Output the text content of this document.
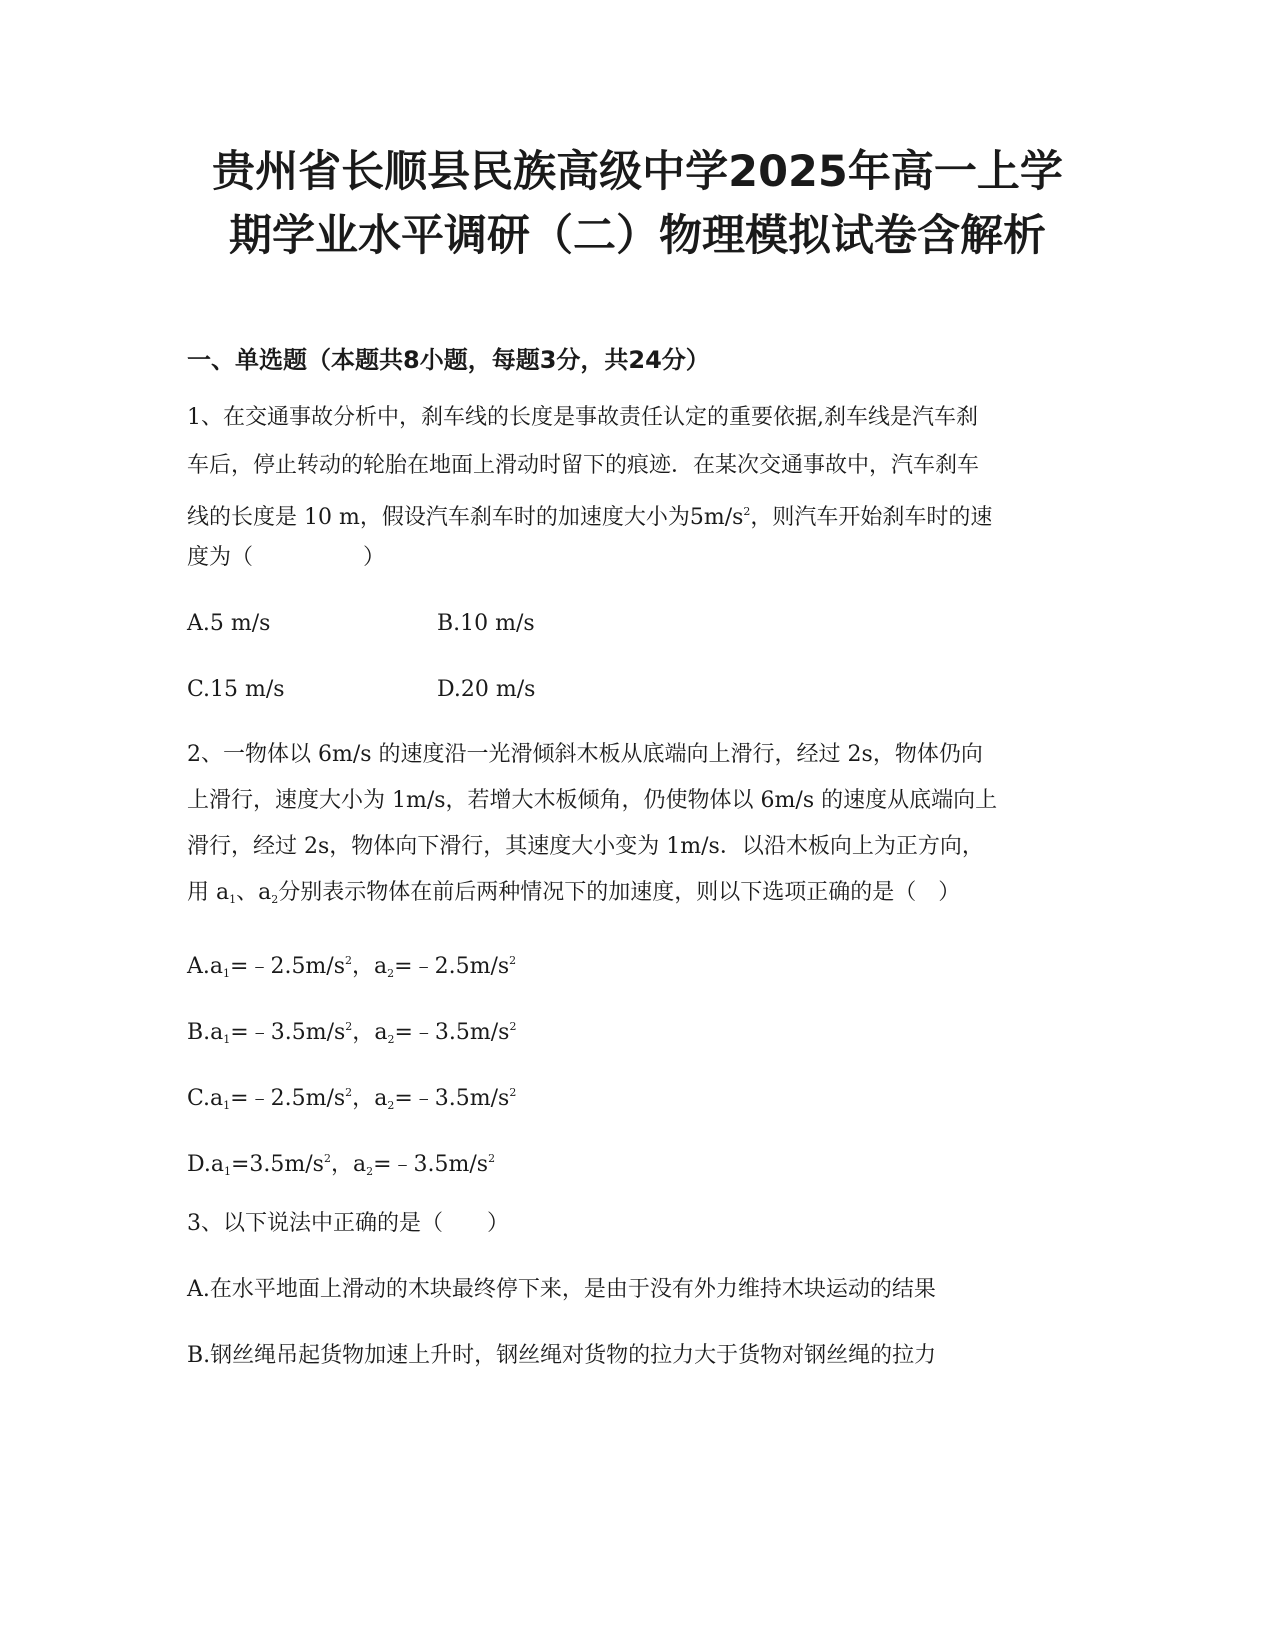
贵州省长顺县民族高级中学2025年高一上学
期学业水平调研（二）物理模拟试卷含解析
一、单选题（本题共8小题，每题3分，共24分）
1、在交通事故分析中，刹车线的长度是事故责任认定的重要依据,刹车线是汽车刹
车后，停止转动的轮胎在地面上滑动时留下的痕迹．在某次交通事故中，汽车刹车
线的长度是 10 m，假设汽车刹车时的加速度大小为$5m/s^2$，则汽车开始刹车时的速
度为（　　　　　）
A.5 m/s	B.10 m/s
C.15 m/s	D.20 m/s
2、一物体以 6m/s 的速度沿一光滑倾斜木板从底端向上滑行，经过 2s，物体仍向
上滑行，速度大小为 1m/s，若增大木板倾角，仍使物体以 6m/s 的速度从底端向上
滑行，经过 2s，物体向下滑行，其速度大小变为 1m/s．以沿木板向上为正方向，
用 $a_1$、$a_2$分别表示物体在前后两种情况下的加速度，则以下选项正确的是（　）
$A.a_1=﹣2.5m/s^2$，$a_2=﹣2.5m/s^2$
$B.a_1=﹣3.5m/s^2$，$a_2=﹣3.5m/s^2$
$C.a_1=﹣2.5m/s^2$，$a_2=﹣3.5m/s^2$
$D.a_1=3.5m/s^2$，$a_2=﹣3.5m/s^2$
3、以下说法中正确的是（　　）
A.在水平地面上滑动的木块最终停下来，是由于没有外力维持木块运动的结果
B.钢丝绳吊起货物加速上升时，钢丝绳对货物的拉力大于货物对钢丝绳的拉力
